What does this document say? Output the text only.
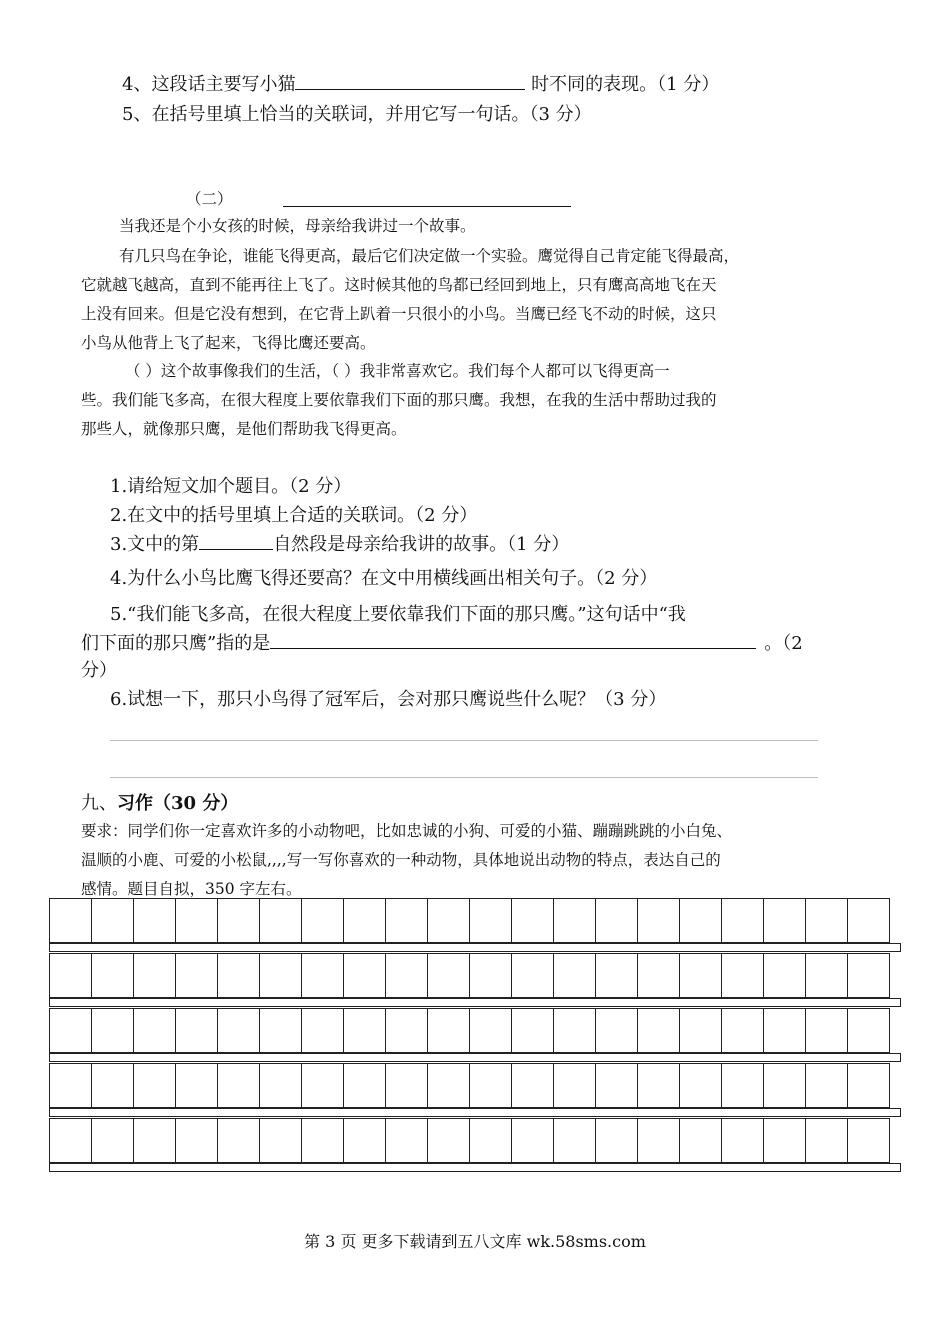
4、这段话主要写小猫	时不同的表现。（1 分）
5、在括号里填上恰当的关联词，并用它写一句话。（3 分）
（二）
当我还是个小女孩的时候，母亲给我讲过一个故事。
有几只鸟在争论，谁能飞得更高，最后它们决定做一个实验。鹰觉得自己肯定能飞得最高，
它就越飞越高，直到不能再往上飞了。这时候其他的鸟都已经回到地上，只有鹰高高地飞在天
上没有回来。但是它没有想到，在它背上趴着一只很小的小鸟。当鹰已经飞不动的时候，这只
小鸟从他背上飞了起来，飞得比鹰还要高。
（ ）这个故事像我们的生活，（ ）我非常喜欢它。我们每个人都可以飞得更高一
些。我们能飞多高，在很大程度上要依靠我们下面的那只鹰。我想，在我的生活中帮助过我的
那些人，就像那只鹰，是他们帮助我飞得更高。
1.请给短文加个题目。（2 分）
2.在文中的括号里填上合适的关联词。（2 分）
3.文中的第	自然段是母亲给我讲的故事。（1 分）
4.为什么小鸟比鹰飞得还要高？在文中用横线画出相关句子。（2 分）
5.“我们能飞多高，在很大程度上要依靠我们下面的那只鹰。”这句话中“我
们下面的那只鹰”指的是	。（2
分）
6.试想一下，那只小鸟得了冠军后，会对那只鹰说些什么呢？（3 分）
九、习作（30 分）
要求：同学们你一定喜欢许多的小动物吧，比如忠诚的小狗、可爱的小猫、蹦蹦跳跳的小白兔、
温顺的小鹿、可爱的小松鼠,,,,写一写你喜欢的一种动物，具体地说出动物的特点，表达自己的
感情。题目自拟，350 字左右。
第 3 页 更多下载请到五八文库 wk.58sms.com
